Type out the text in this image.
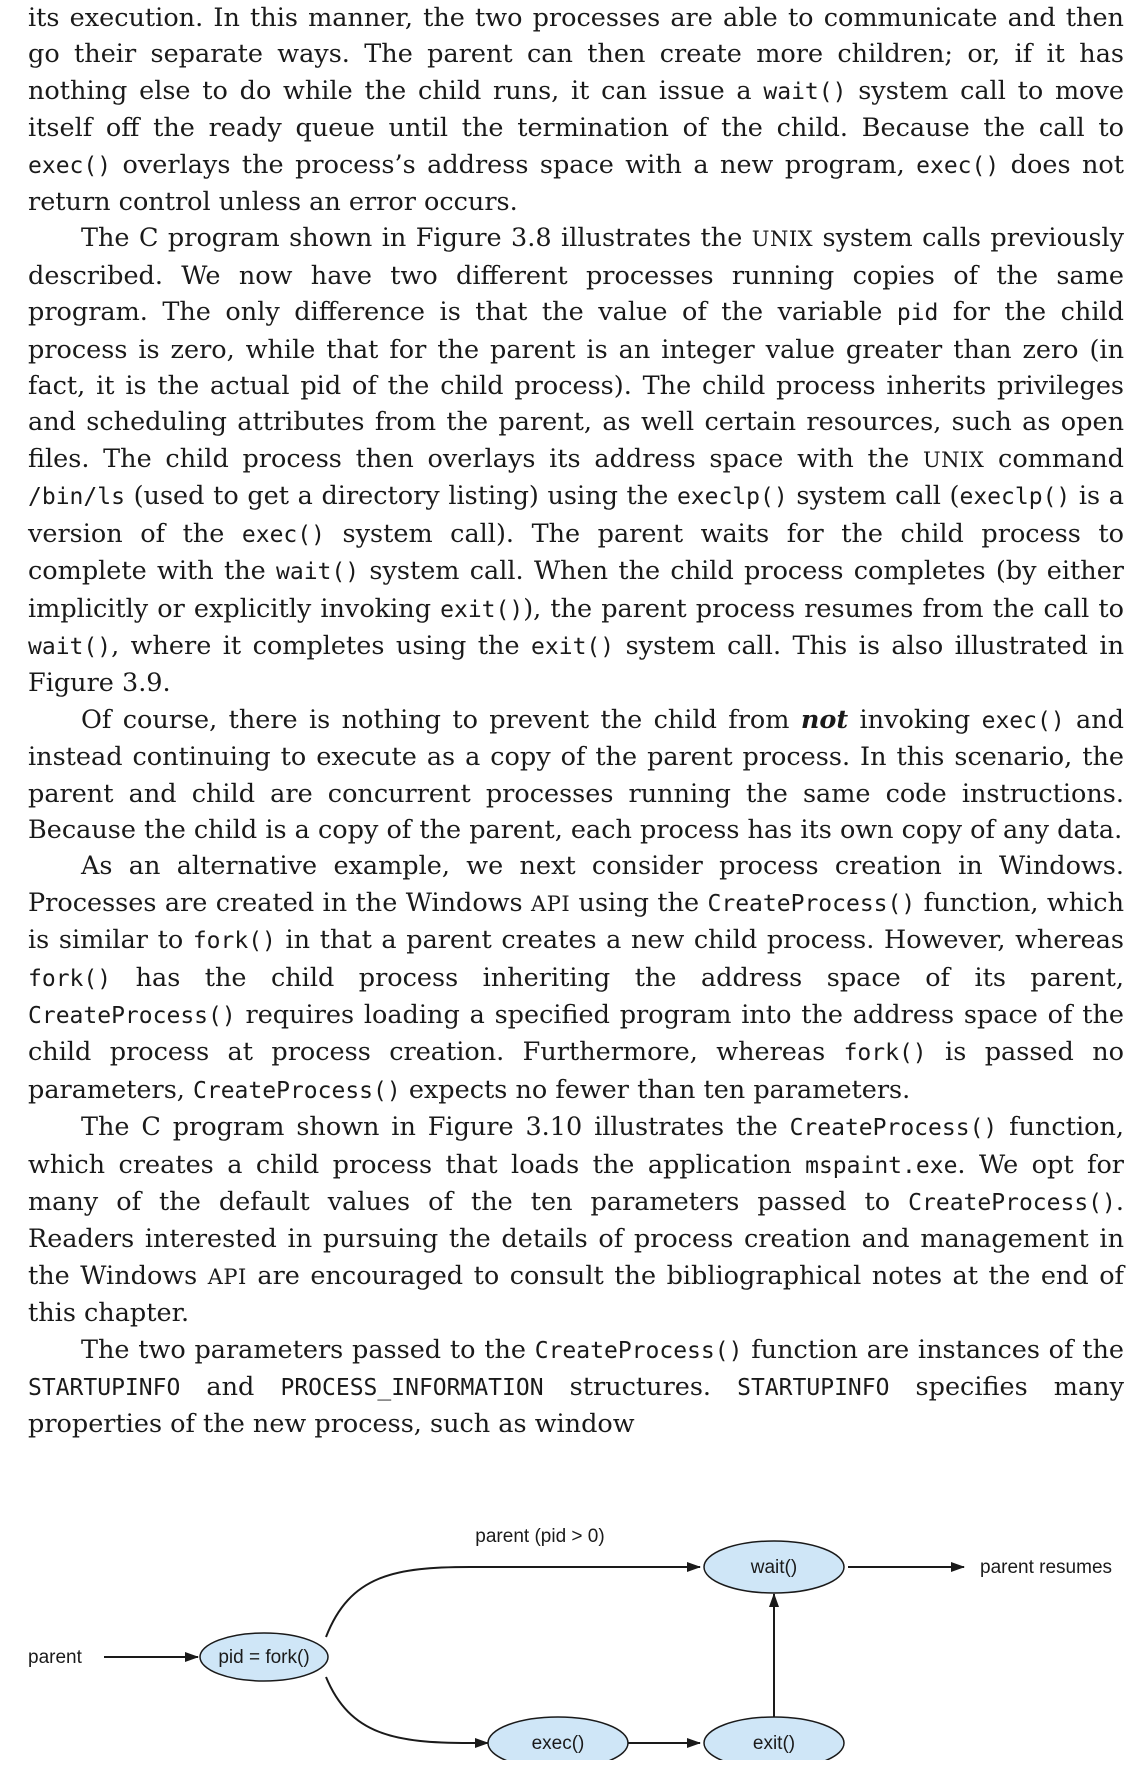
its execution. In this manner, the two processes are able to communicate and then go their separate ways. The parent can then create more children; or, if it has nothing else to do while the child runs, it can issue a wait() system call to move itself off the ready queue until the termination of the child. Because the call to exec() overlays the process’s address space with a new program, exec() does not return control unless an error occurs.

The C program shown in Figure 3.8 illustrates the UNIX system calls previously described. We now have two different processes running copies of the same program. The only difference is that the value of the variable pid for the child process is zero, while that for the parent is an integer value greater than zero (in fact, it is the actual pid of the child process). The child process inherits privileges and scheduling attributes from the parent, as well certain resources, such as open files. The child process then overlays its address space with the UNIX command /bin/ls (used to get a directory listing) using the execlp() system call (execlp() is a version of the exec() system call). The parent waits for the child process to complete with the wait() system call. When the child process completes (by either implicitly or explicitly invoking exit()), the parent process resumes from the call to wait(), where it completes using the exit() system call. This is also illustrated in Figure 3.9.

Of course, there is nothing to prevent the child from not invoking exec() and instead continuing to execute as a copy of the parent process. In this scenario, the parent and child are concurrent processes running the same code instructions. Because the child is a copy of the parent, each process has its own copy of any data.

As an alternative example, we next consider process creation in Windows. Processes are created in the Windows API using the CreateProcess() function, which is similar to fork() in that a parent creates a new child process. However, whereas fork() has the child process inheriting the address space of its parent, CreateProcess() requires loading a specified program into the address space of the child process at process creation. Furthermore, whereas fork() is passed no parameters, CreateProcess() expects no fewer than ten parameters.

The C program shown in Figure 3.10 illustrates the CreateProcess() function, which creates a child process that loads the application mspaint.exe. We opt for many of the default values of the ten parameters passed to CreateProcess(). Readers interested in pursuing the details of process creation and management in the Windows API are encouraged to consult the bibliographical notes at the end of this chapter.

The two parameters passed to the CreateProcess() function are instances of the STARTUPINFO and PROCESS_INFORMATION structures. STARTUPINFO specifies many properties of the new process, such as window

pid = fork()
wait()
exec()	exit()
parent
parent (pid > 0)
parent resumes
